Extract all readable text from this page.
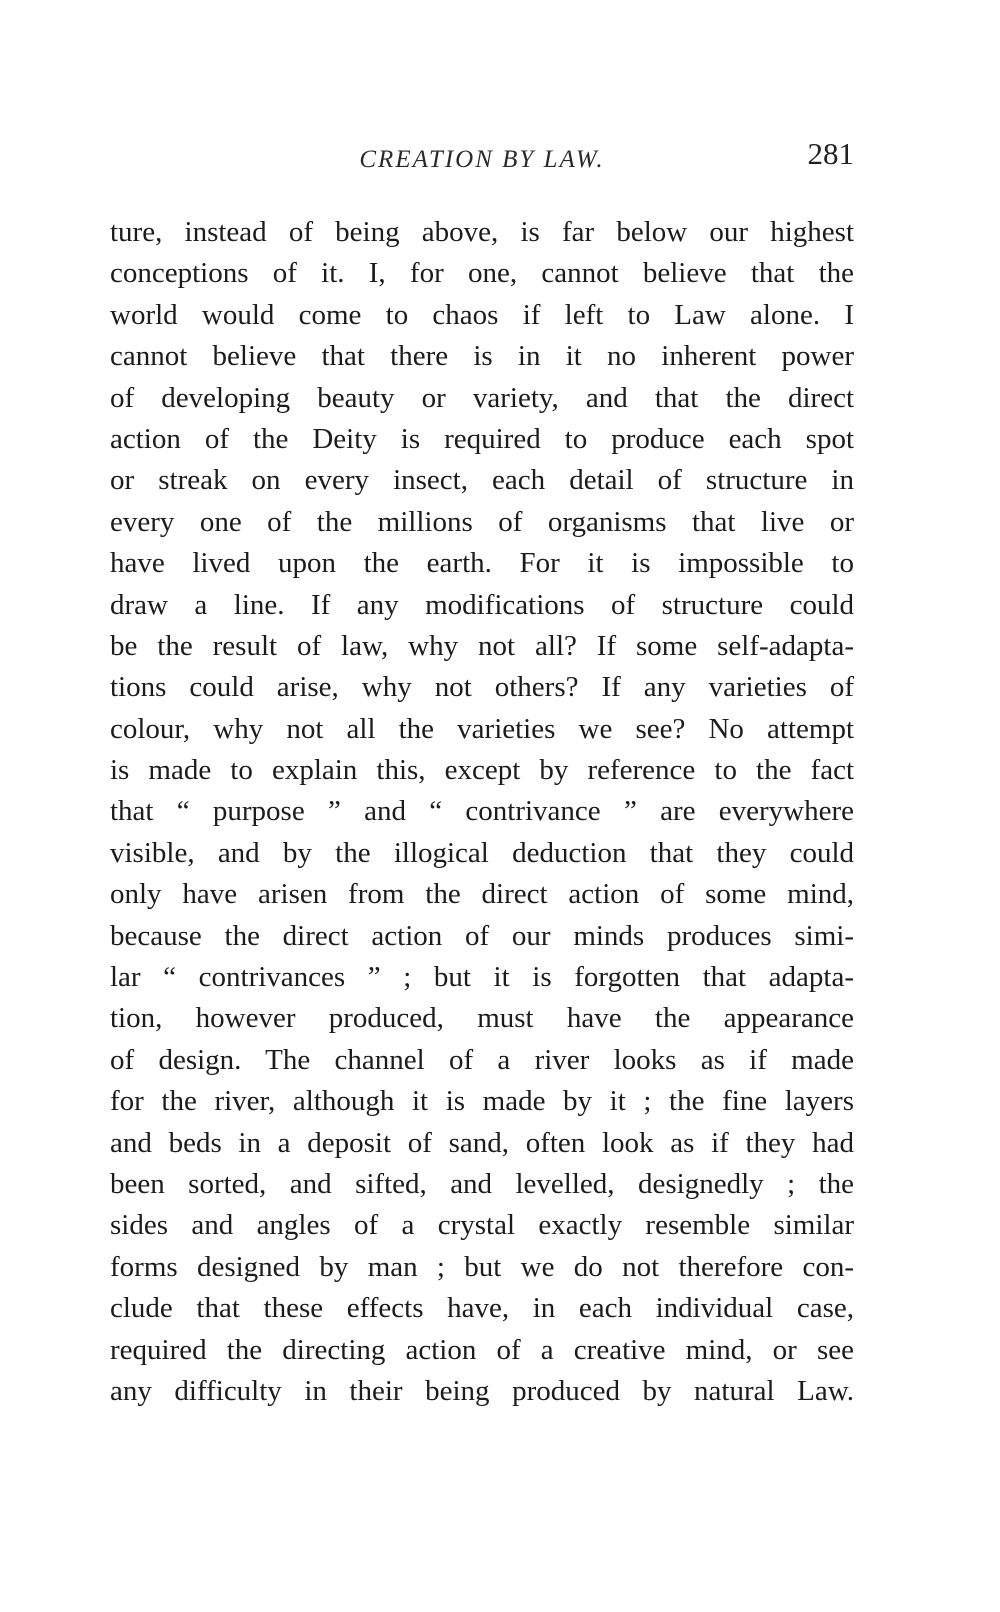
CREATION BY LAW.	281
ture, instead of being above, is far below our highest
conceptions of it. I, for one, cannot believe that the
world would come to chaos if left to Law alone. I
cannot believe that there is in it no inherent power
of developing beauty or variety, and that the direct
action of the Deity is required to produce each spot
or streak on every insect, each detail of structure in
every one of the millions of organisms that live or
have lived upon the earth. For it is impossible to
draw a line. If any modifications of structure could
be the result of law, why not all? If some self-adapta-
tions could arise, why not others? If any varieties of
colour, why not all the varieties we see? No attempt
is made to explain this, except by reference to the fact
that “ purpose ” and “ contrivance ” are everywhere
visible, and by the illogical deduction that they could
only have arisen from the direct action of some mind,
because the direct action of our minds produces simi-
lar “ contrivances ” ; but it is forgotten that adapta-
tion, however produced, must have the appearance
of design. The channel of a river looks as if made
for the river, although it is made by it ; the fine layers
and beds in a deposit of sand, often look as if they had
been sorted, and sifted, and levelled, designedly ; the
sides and angles of a crystal exactly resemble similar
forms designed by man ; but we do not therefore con-
clude that these effects have, in each individual case,
required the directing action of a creative mind, or see
any difficulty in their being produced by natural Law.
